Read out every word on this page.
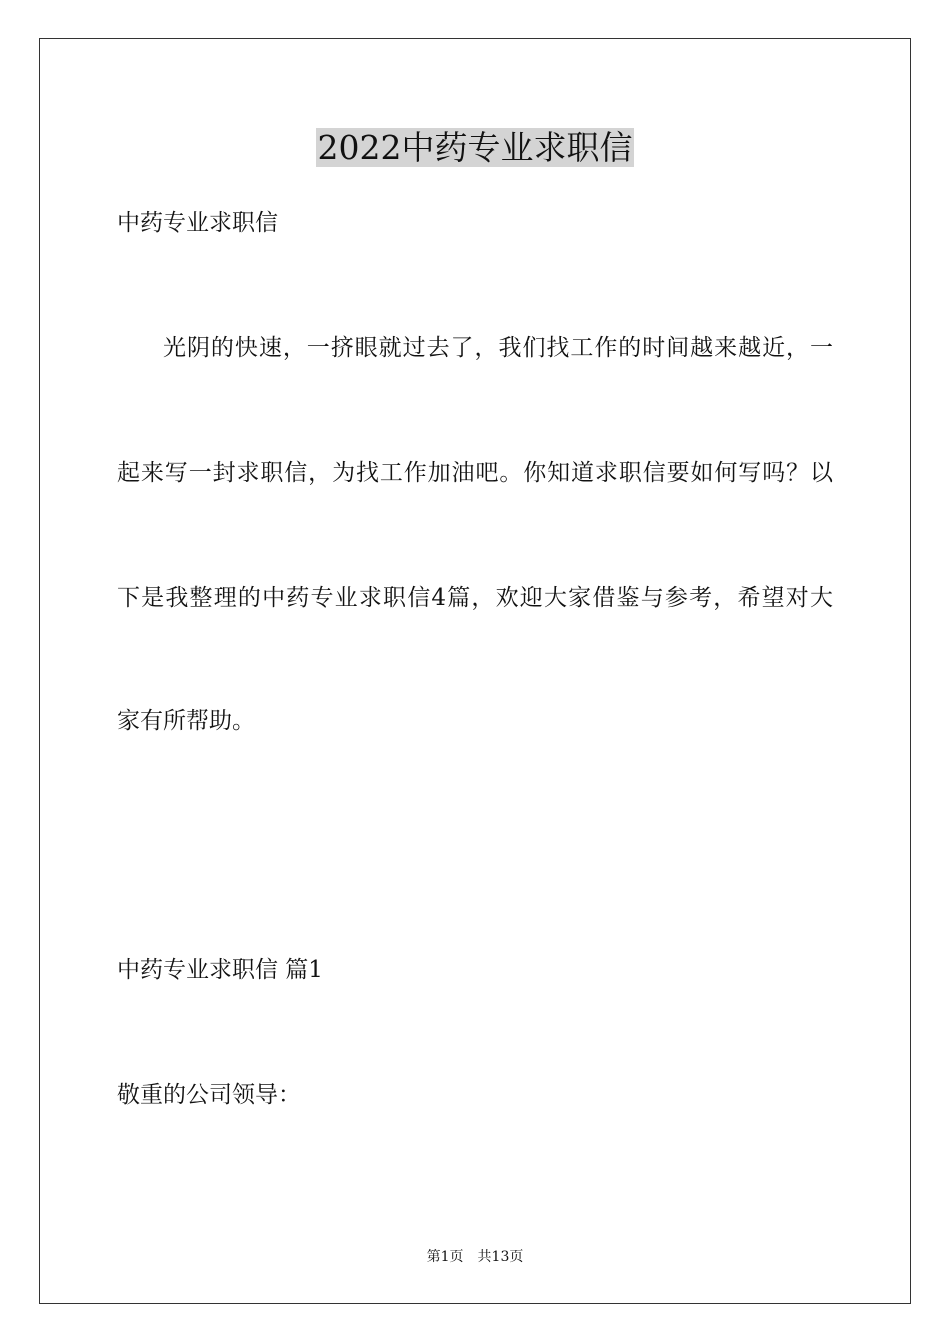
2022中药专业求职信

中药专业求职信

光阴的快速，一挤眼就过去了，我们找工作的时间越来越近，一

起来写一封求职信，为找工作加油吧。你知道求职信要如何写吗？以

下是我整理的中药专业求职信4篇，欢迎大家借鉴与参考，希望对大

家有所帮助。

中药专业求职信 篇1

敬重的公司领导：

第1页 共13页
